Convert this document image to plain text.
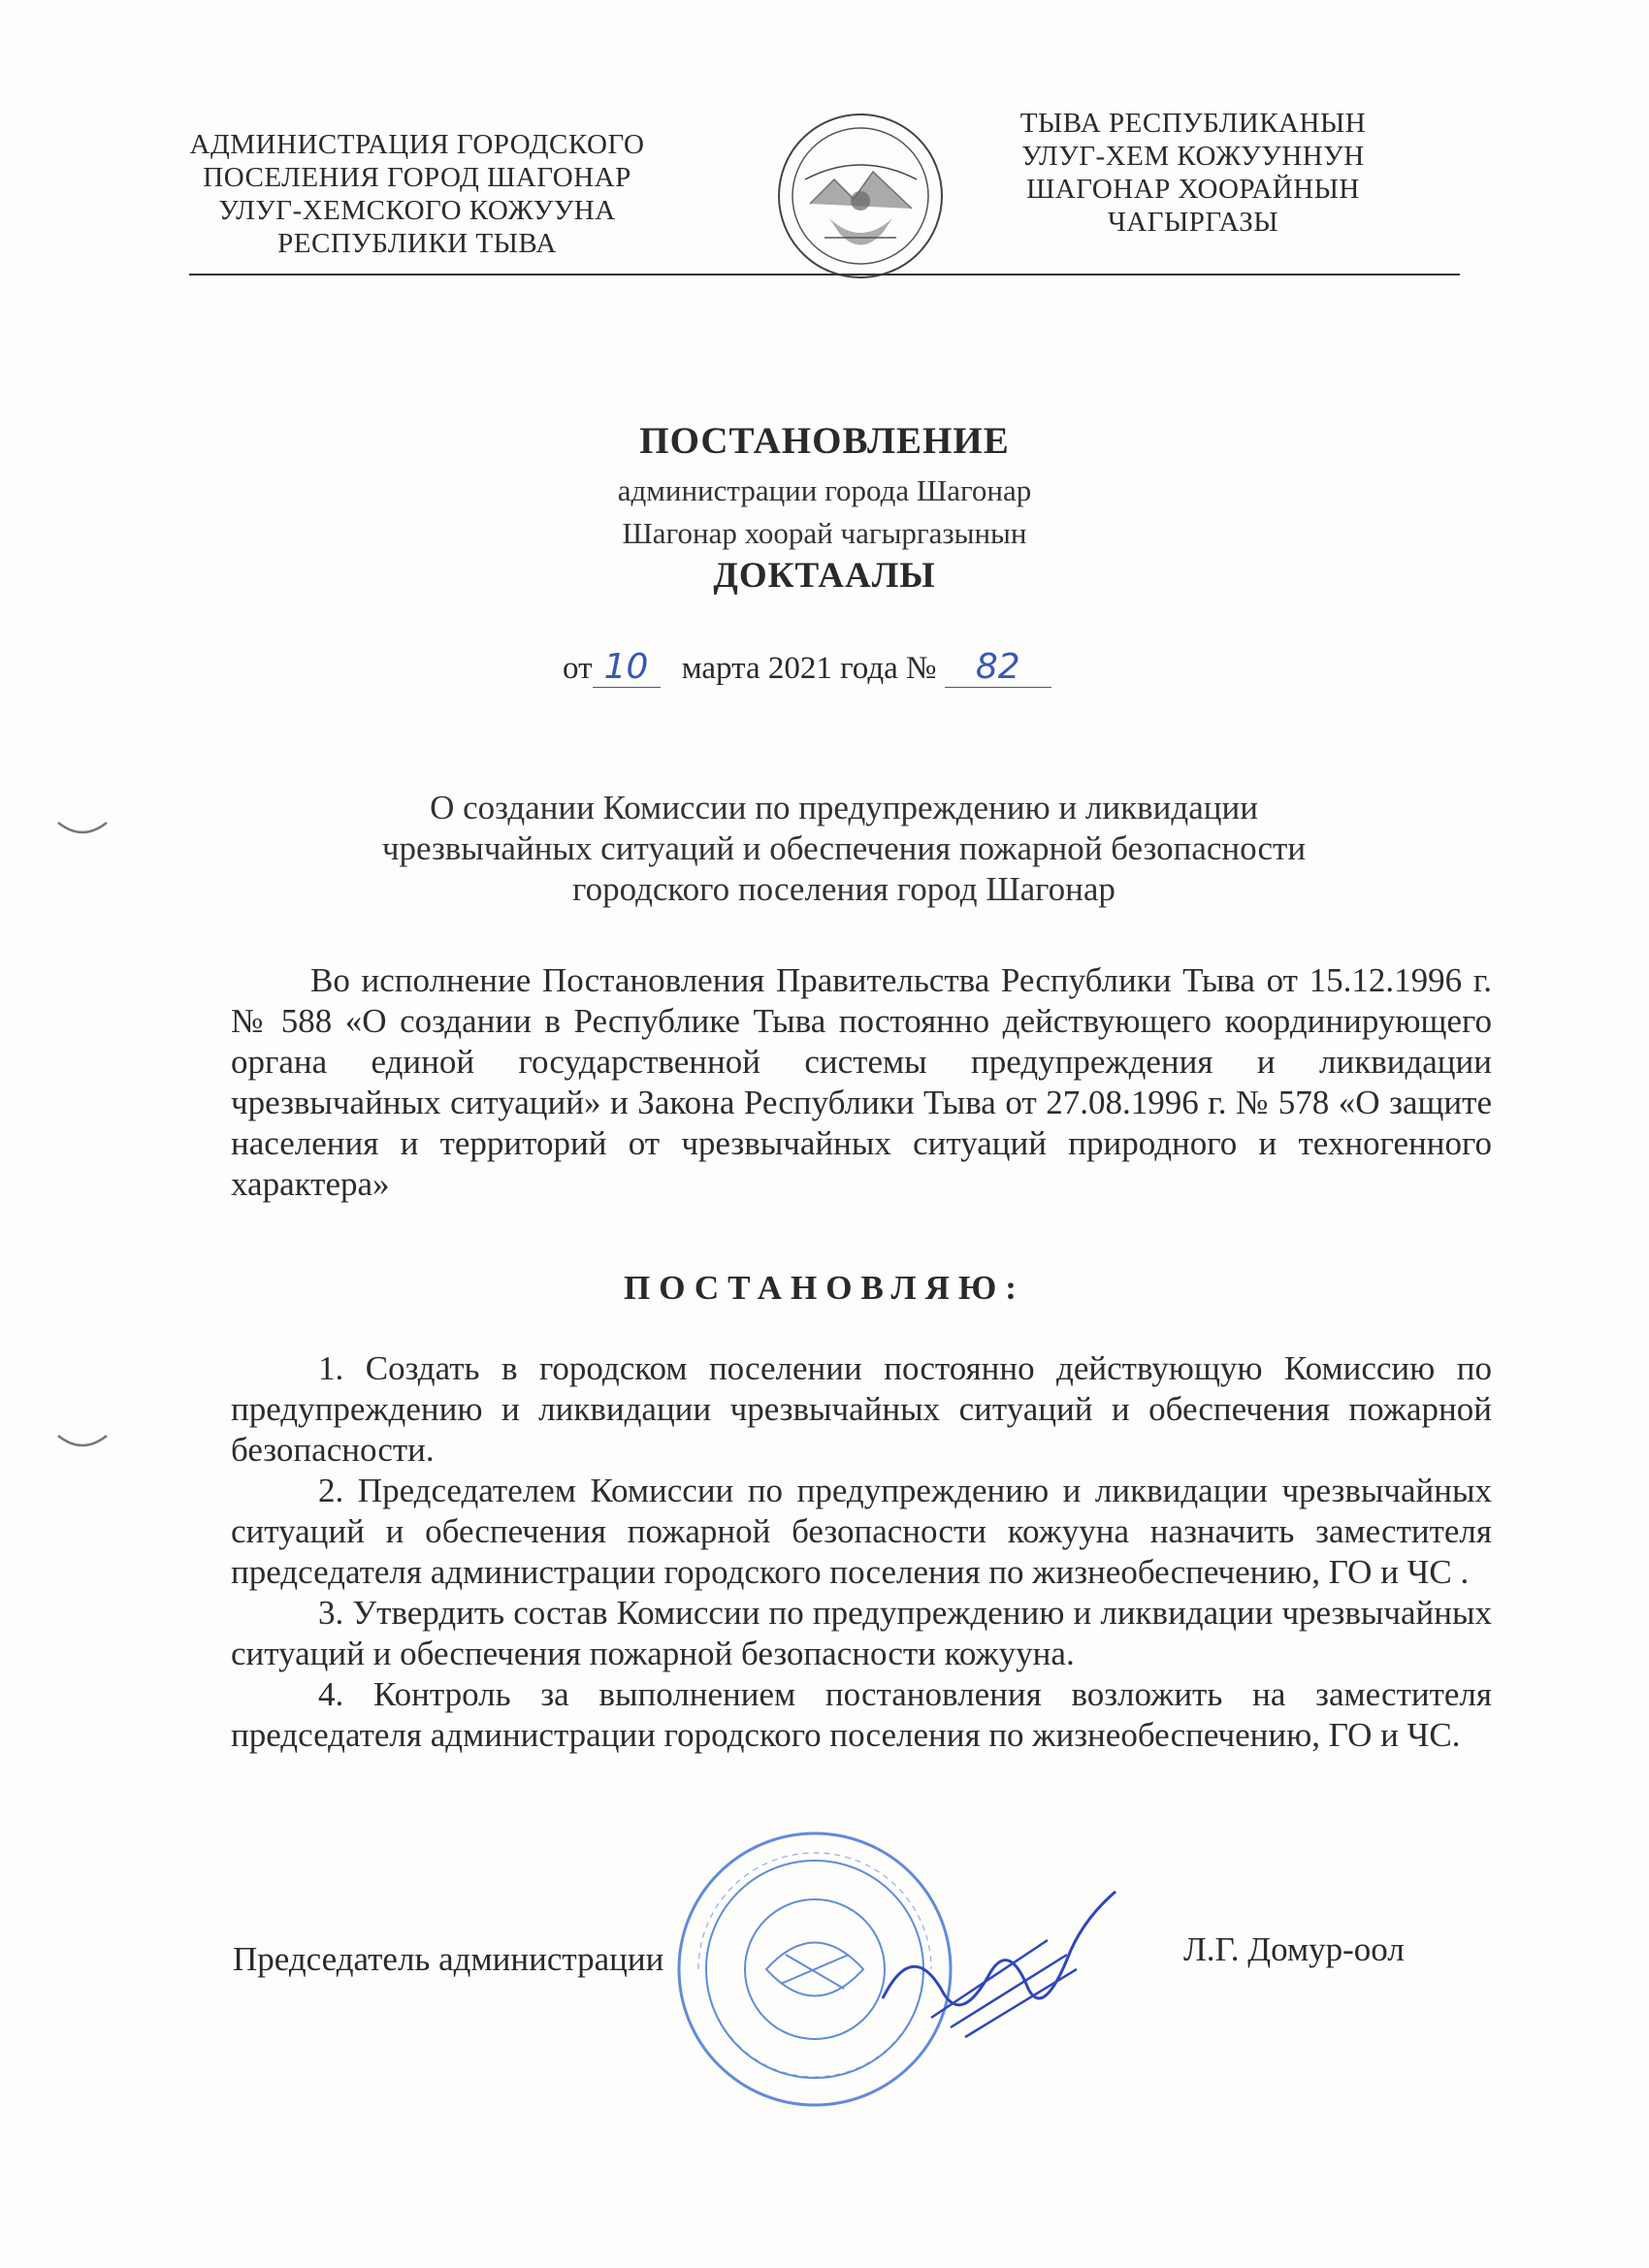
АДМИНИСТРАЦИЯ ГОРОДСКОГО
ПОСЕЛЕНИЯ ГОРОД ШАГОНАР
УЛУГ-ХЕМСКОГО КОЖУУНА
РЕСПУБЛИКИ ТЫВА
ТЫВА РЕСПУБЛИКАНЫН
УЛУГ-ХЕМ КОЖУУННУН
ШАГОНАР ХООРАЙНЫН
ЧАГЫРГАЗЫ
ПОСТАНОВЛЕНИЕ
администрации города Шагонар
Шагонар хоорай чагыргазынын
ДОКТААЛЫ
от 10 марта 2021 года № 82
О создании Комиссии по предупреждению и ликвидации
чрезвычайных ситуаций и обеспечения пожарной безопасности
городского поселения город Шагонар
Во исполнение Постановления Правительства Республики Тыва от 15.12.1996 г. № 588 «О создании в Республике Тыва постоянно действующего координирующего органа единой государственной системы предупреждения и ликвидации чрезвычайных ситуаций» и Закона Республики Тыва от 27.08.1996 г. № 578 «О защите населения и территорий от чрезвычайных ситуаций природного и техногенного характера»
ПОСТАНОВЛЯЮ:

1. Создать в городском поселении постоянно действующую Комиссию по предупреждению и ликвидации чрезвычайных ситуаций и обеспечения пожарной безопасности.

2. Председателем Комиссии по предупреждению и ликвидации чрезвычайных ситуаций и обеспечения пожарной безопасности кожууна назначить заместителя председателя администрации городского поселения по жизнеобеспечению, ГО и ЧС .

3. Утвердить состав Комиссии по предупреждению и ликвидации чрезвычайных ситуаций и обеспечения пожарной безопасности кожууна.

4. Контроль за выполнением постановления возложить на заместителя председателя администрации городского поселения по жизнеобеспечению, ГО и ЧС.

Председатель администрации	Л.Г. Домур-оол
